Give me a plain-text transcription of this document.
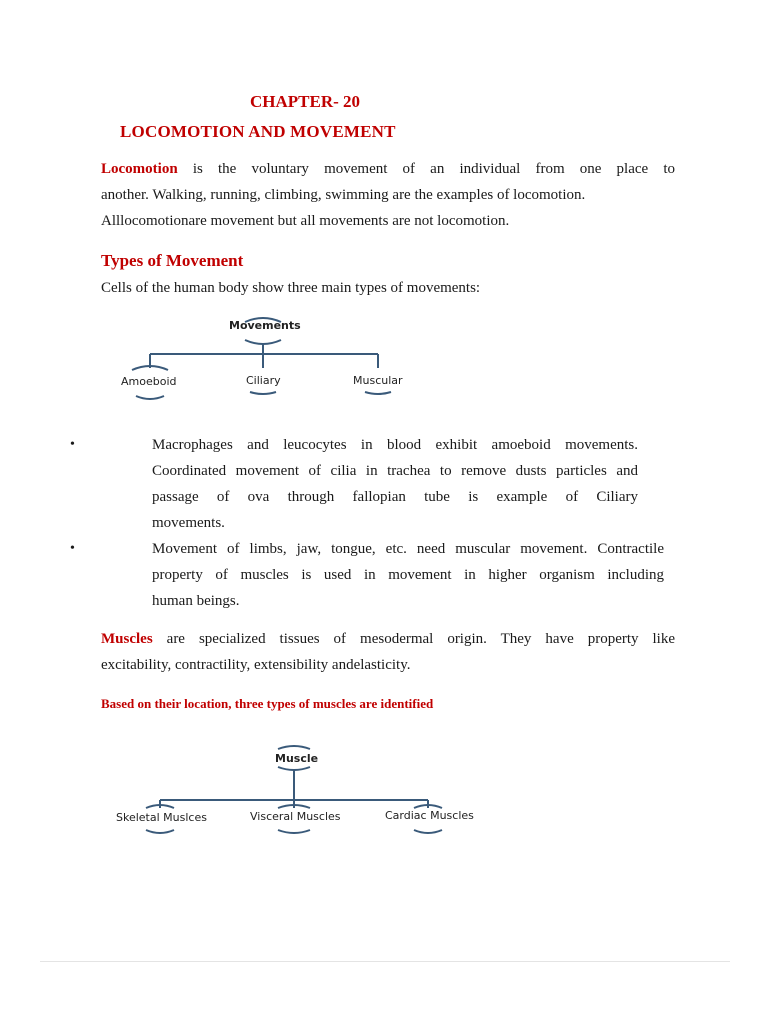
CHAPTER- 20
LOCOMOTION AND MOVEMENT
Locomotion is the voluntary movement of an individual from one place to
another. Walking, running, climbing, swimming are the examples of locomotion.
Alllocomotionare movement but all movements are not locomotion.
Types of Movement
Cells of the human body show three main types of movements:
Movements
Amoeboid	Ciliary	Muscular
•	Macrophages and leucocytes in blood exhibit amoeboid movements.
Coordinated movement of cilia in trachea to remove dusts particles and
passage of ova through fallopian tube is example of Ciliary
movements.
•	Movement of limbs, jaw, tongue, etc. need muscular movement. Contractile
property of muscles is used in movement in higher organism including
human beings.
Muscles are specialized tissues of mesodermal origin. They have property like
excitability, contractility, extensibility andelasticity.
Based on their location, three types of muscles are identified
Muscle
Skeletal Muslces	Visceral Muscles	Cardiac Muscles
